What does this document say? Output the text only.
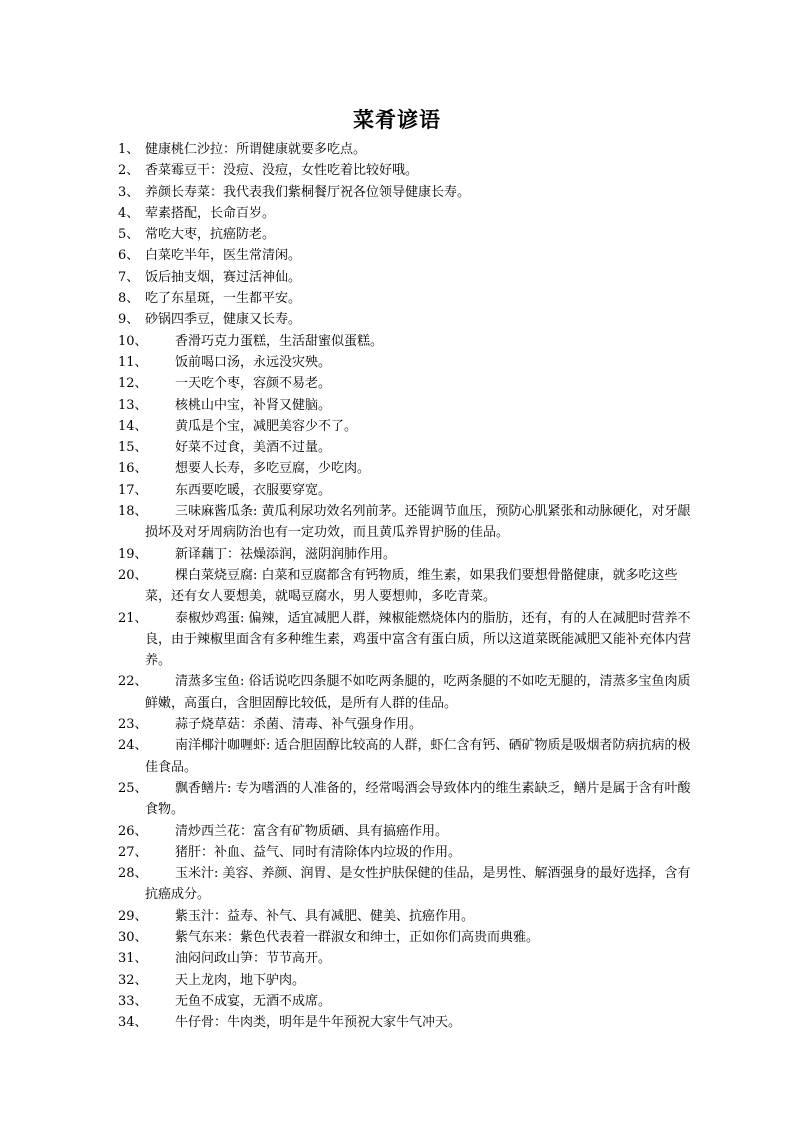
菜肴谚语
1、 健康桃仁沙拉：所谓健康就要多吃点。
2、 香菜霉豆干：没痘、没痘，女性吃着比较好哦。
3、 养颜长寿菜：我代表我们紫桐餐厅祝各位领导健康长寿。
4、 荤素搭配，长命百岁。
5、 常吃大枣，抗癌防老。
6、 白菜吃半年，医生常清闲。
7、 饭后抽支烟，赛过活神仙。
8、 吃了东星斑，一生都平安。
9、 砂锅四季豆，健康又长寿。
10、	香滑巧克力蛋糕，生活甜蜜似蛋糕。
11、	饭前喝口汤，永远没灾殃。
12、	一天吃个枣，容颜不易老。
13、	核桃山中宝，补肾又健脑。
14、	黄瓜是个宝，减肥美容少不了。
15、	好菜不过食，美酒不过量。
16、	想要人长寿，多吃豆腐，少吃肉。
17、	东西要吃暖，衣服要穿宽。
18、	三味麻酱瓜条: 黄瓜利尿功效名列前茅。还能调节血压，预防心肌紧张和动脉硬化，对牙龈损坏及对牙周病防治也有一定功效，而且黄瓜养胃护肠的佳品。
19、	新译藕丁：祛燥添润，滋阴润肺作用。
20、	棵白菜烧豆腐: 白菜和豆腐都含有钙物质，维生素，如果我们要想骨骼健康，就多吃这些菜，还有女人要想美，就喝豆腐水，男人要想帅，多吃青菜。
21、	泰椒炒鸡蛋: 偏辣，适宜减肥人群，辣椒能燃烧体内的脂肪，还有，有的人在减肥时营养不良，由于辣椒里面含有多种维生素，鸡蛋中富含有蛋白质，所以这道菜既能减肥又能补充体内营养。
22、	清蒸多宝鱼: 俗话说吃四条腿不如吃两条腿的，吃两条腿的不如吃无腿的，清蒸多宝鱼肉质鲜嫩，高蛋白，含胆固醇比较低，是所有人群的佳品。
23、	蒜子烧草菇：杀菌、清毒、补气强身作用。
24、	南洋椰汁咖喱虾: 适合胆固醇比较高的人群，虾仁含有钙、硒矿物质是吸烟者防病抗病的极佳食品。
25、	飘香鳝片: 专为嗜酒的人准备的，经常喝酒会导致体内的维生素缺乏，鳝片是属于含有叶酸食物。
26、	清炒西兰花：富含有矿物质硒、具有搞癌作用。
27、	猪肝：补血、益气、同时有清除体内垃圾的作用。
28、	玉米汁: 美容、养颜、润胃、是女性护肤保健的佳品，是男性、解酒强身的最好选择，含有抗癌成分。
29、	紫玉汁：益寿、补气、具有减肥、健美、抗癌作用。
30、	紫气东来：紫色代表着一群淑女和绅士，正如你们高贵而典雅。
31、	油闷问政山笋：节节高开。
32、	天上龙肉，地下驴肉。
33、	无鱼不成宴，无酒不成席。
34、	牛仔骨：牛肉类，明年是牛年预祝大家牛气冲天。
